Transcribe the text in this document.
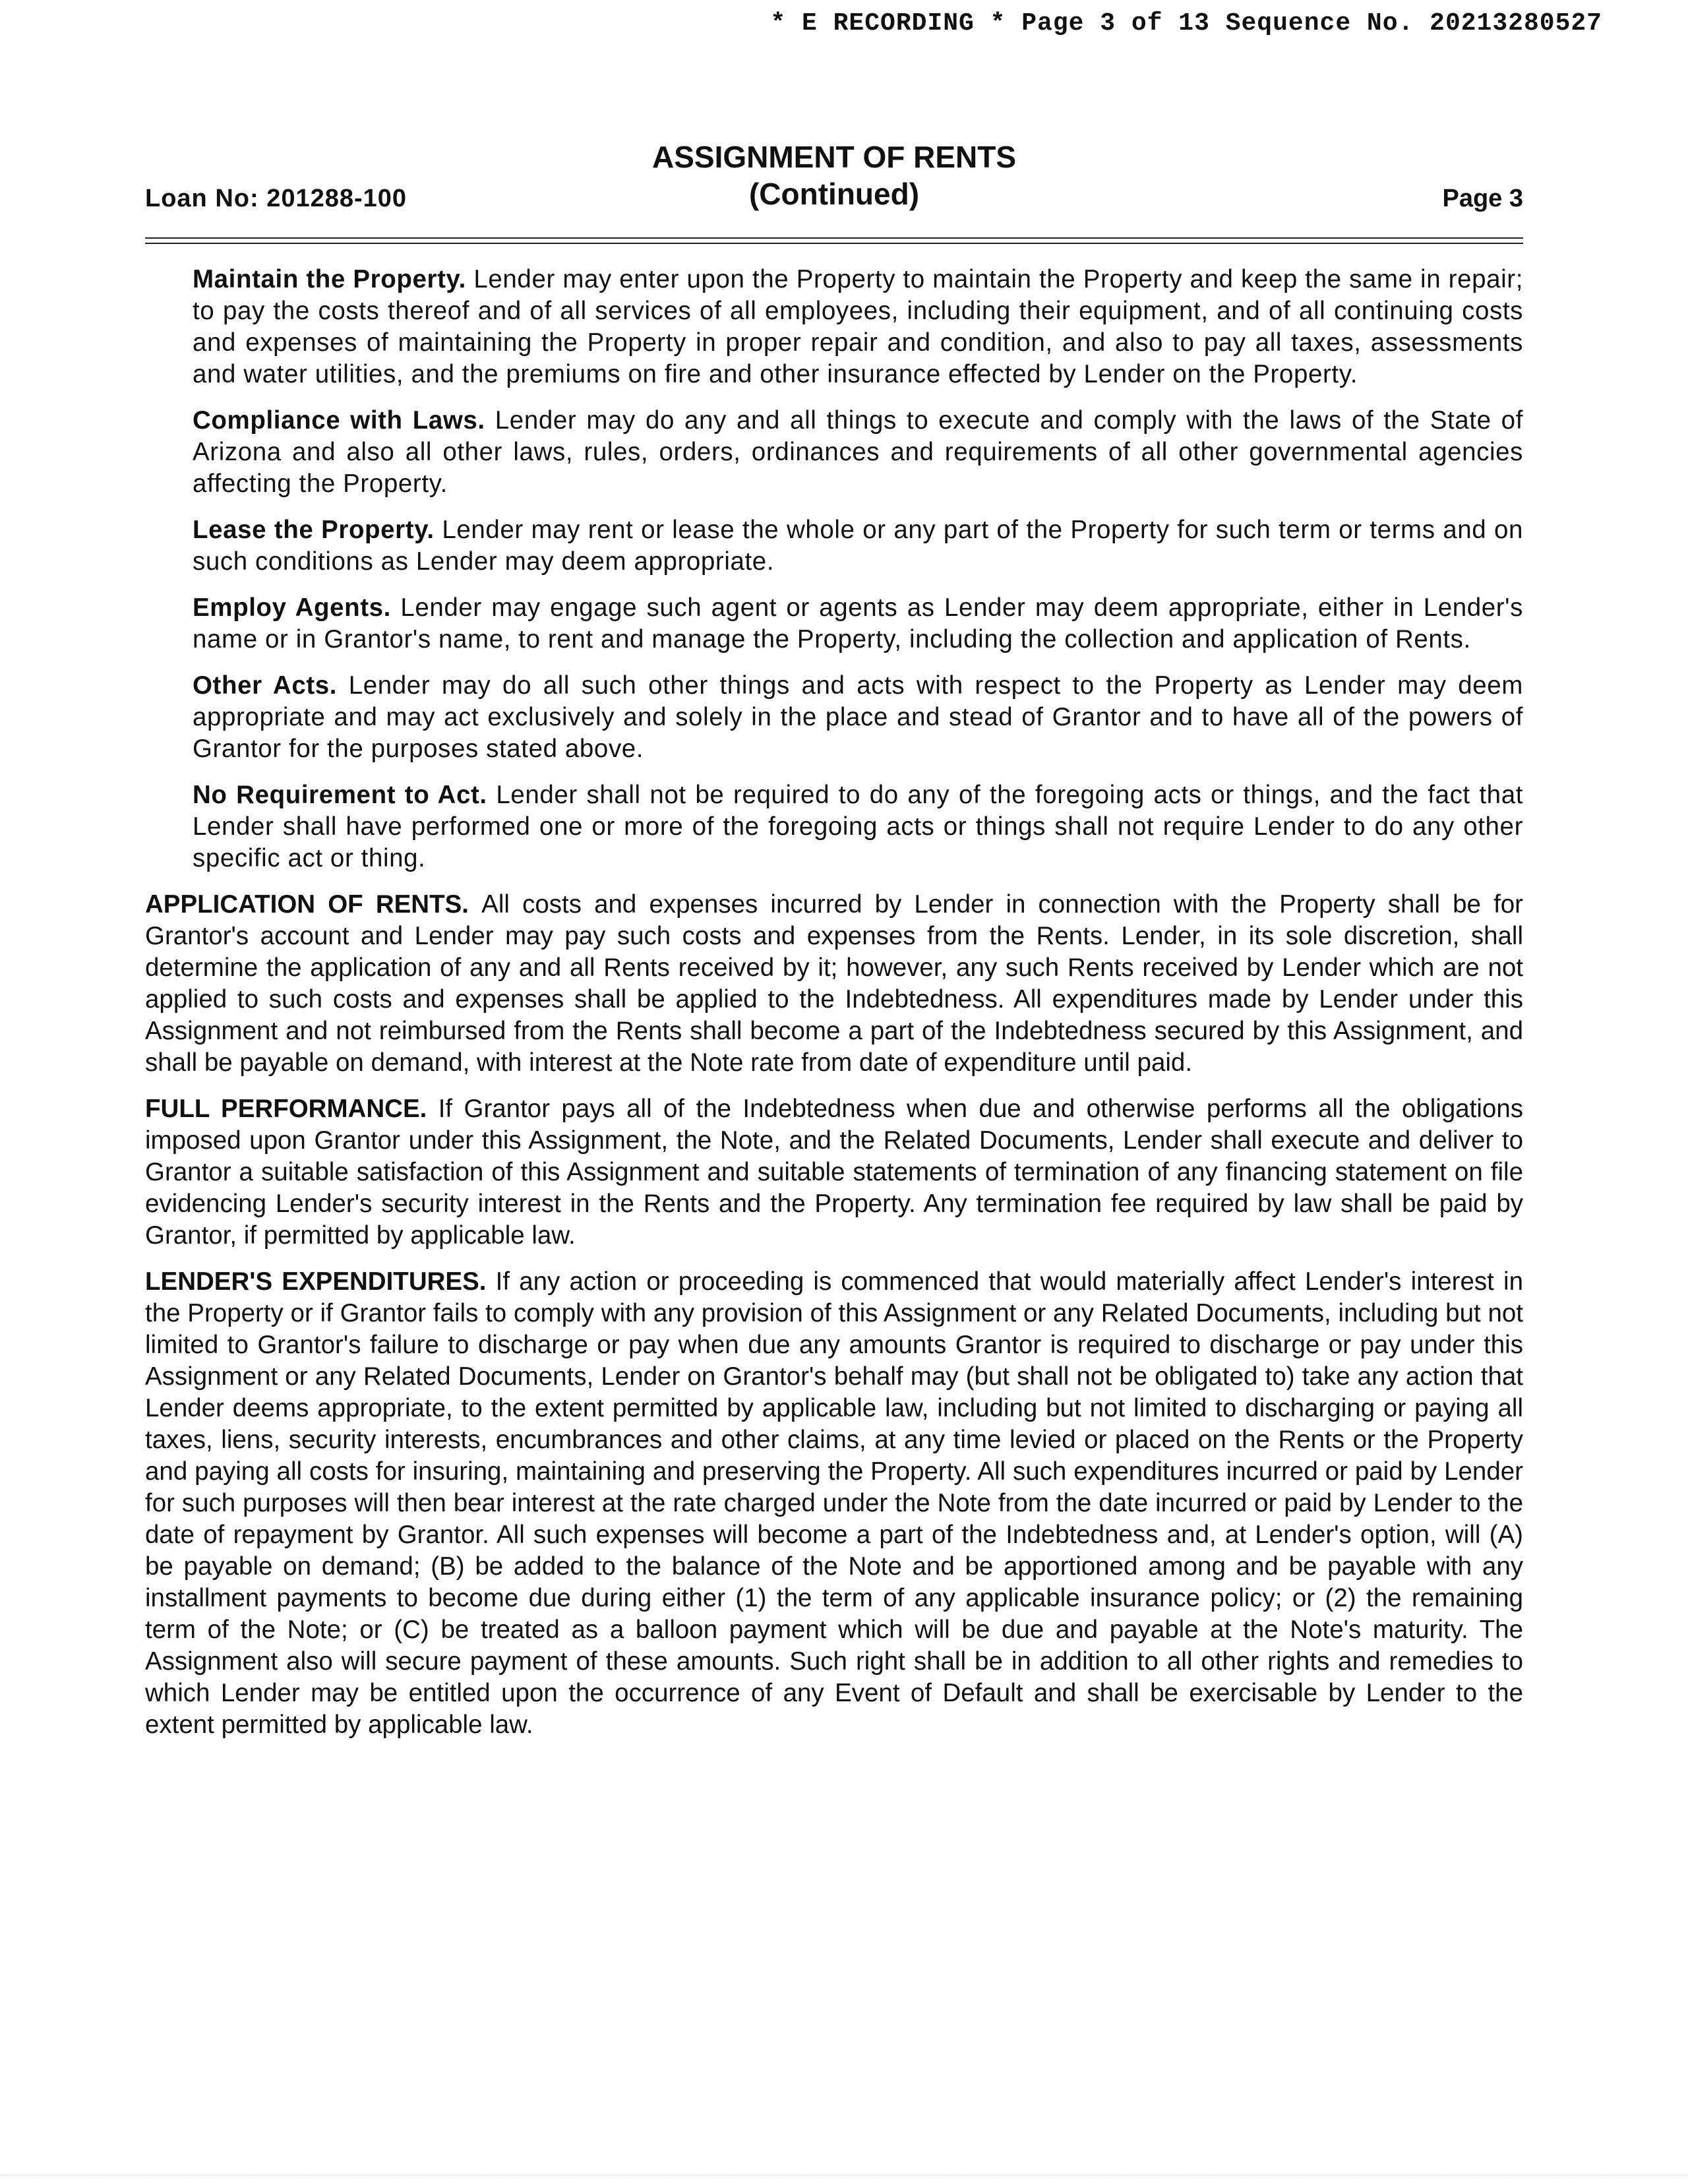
* E RECORDING * Page 3 of 13 Sequence No. 20213280527
Loan No: 201288-100
ASSIGNMENT OF RENTS
(Continued)	Page 3

Maintain the Property. Lender may enter upon the Property to maintain the Property and keep the same in repair; to pay the costs thereof and of all services of all employees, including their equipment, and of all continuing costs and expenses of maintaining the Property in proper repair and condition, and also to pay all taxes, assessments and water utilities, and the premiums on fire and other insurance effected by Lender on the Property.

Compliance with Laws. Lender may do any and all things to execute and comply with the laws of the State of Arizona and also all other laws, rules, orders, ordinances and requirements of all other governmental agencies affecting the Property.

Lease the Property. Lender may rent or lease the whole or any part of the Property for such term or terms and on such conditions as Lender may deem appropriate.

Employ Agents. Lender may engage such agent or agents as Lender may deem appropriate, either in Lender's name or in Grantor's name, to rent and manage the Property, including the collection and application of Rents.

Other Acts. Lender may do all such other things and acts with respect to the Property as Lender may deem appropriate and may act exclusively and solely in the place and stead of Grantor and to have all of the powers of Grantor for the purposes stated above.

No Requirement to Act. Lender shall not be required to do any of the foregoing acts or things, and the fact that Lender shall have performed one or more of the foregoing acts or things shall not require Lender to do any other specific act or thing.

APPLICATION OF RENTS. All costs and expenses incurred by Lender in connection with the Property shall be for Grantor's account and Lender may pay such costs and expenses from the Rents. Lender, in its sole discretion, shall determine the application of any and all Rents received by it; however, any such Rents received by Lender which are not applied to such costs and expenses shall be applied to the Indebtedness. All expenditures made by Lender under this Assignment and not reimbursed from the Rents shall become a part of the Indebtedness secured by this Assignment, and shall be payable on demand, with interest at the Note rate from date of expenditure until paid.

FULL PERFORMANCE. If Grantor pays all of the Indebtedness when due and otherwise performs all the obligations imposed upon Grantor under this Assignment, the Note, and the Related Documents, Lender shall execute and deliver to Grantor a suitable satisfaction of this Assignment and suitable statements of termination of any financing statement on file evidencing Lender's security interest in the Rents and the Property. Any termination fee required by law shall be paid by Grantor, if permitted by applicable law.

LENDER'S EXPENDITURES. If any action or proceeding is commenced that would materially affect Lender's interest in the Property or if Grantor fails to comply with any provision of this Assignment or any Related Documents, including but not limited to Grantor's failure to discharge or pay when due any amounts Grantor is required to discharge or pay under this Assignment or any Related Documents, Lender on Grantor's behalf may (but shall not be obligated to) take any action that Lender deems appropriate, to the extent permitted by applicable law, including but not limited to discharging or paying all taxes, liens, security interests, encumbrances and other claims, at any time levied or placed on the Rents or the Property and paying all costs for insuring, maintaining and preserving the Property. All such expenditures incurred or paid by Lender for such purposes will then bear interest at the rate charged under the Note from the date incurred or paid by Lender to the date of repayment by Grantor. All such expenses will become a part of the Indebtedness and, at Lender's option, will (A) be payable on demand; (B) be added to the balance of the Note and be apportioned among and be payable with any installment payments to become due during either (1) the term of any applicable insurance policy; or (2) the remaining term of the Note; or (C) be treated as a balloon payment which will be due and payable at the Note's maturity. The Assignment also will secure payment of these amounts. Such right shall be in addition to all other rights and remedies to which Lender may be entitled upon the occurrence of any Event of Default and shall be exercisable by Lender to the extent permitted by applicable law.
